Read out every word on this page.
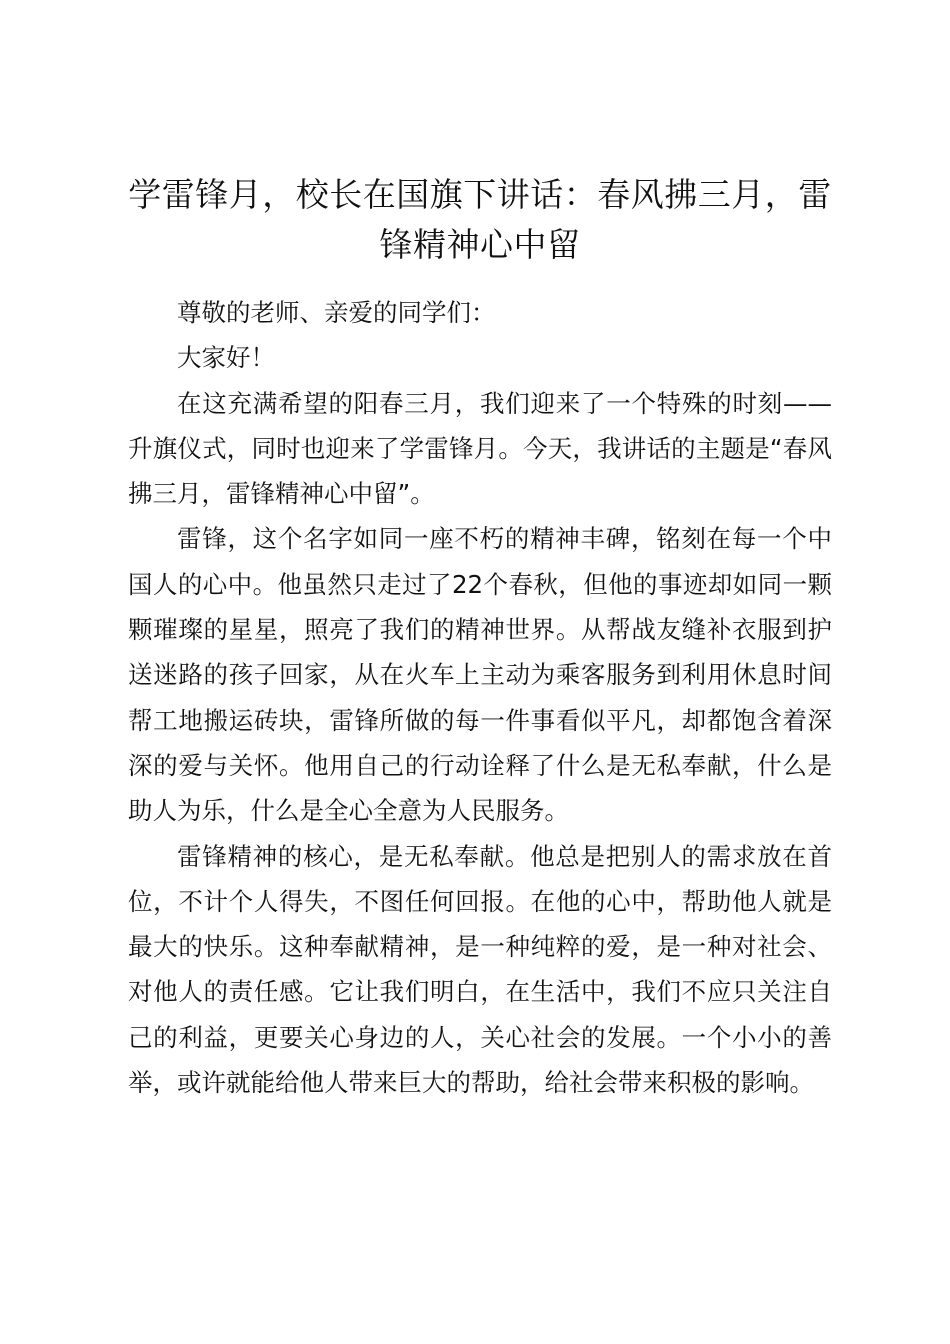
学雷锋月，校长在国旗下讲话：春风拂三月，雷锋精神心中留

尊敬的老师、亲爱的同学们：

大家好！

在这充满希望的阳春三月，我们迎来了一个特殊的时刻——升旗仪式，同时也迎来了学雷锋月。今天，我讲话的主题是“春风拂三月，雷锋精神心中留”。

雷锋，这个名字如同一座不朽的精神丰碑，铭刻在每一个中国人的心中。他虽然只走过了22个春秋，但他的事迹却如同一颗颗璀璨的星星，照亮了我们的精神世界。从帮战友缝补衣服到护送迷路的孩子回家，从在火车上主动为乘客服务到利用休息时间帮工地搬运砖块，雷锋所做的每一件事看似平凡，却都饱含着深深的爱与关怀。他用自己的行动诠释了什么是无私奉献，什么是助人为乐，什么是全心全意为人民服务。

雷锋精神的核心，是无私奉献。他总是把别人的需求放在首位，不计个人得失，不图任何回报。在他的心中，帮助他人就是最大的快乐。这种奉献精神，是一种纯粹的爱，是一种对社会、对他人的责任感。它让我们明白，在生活中，我们不应只关注自己的利益，更要关心身边的人，关心社会的发展。一个小小的善举，或许就能给他人带来巨大的帮助，给社会带来积极的影响。
